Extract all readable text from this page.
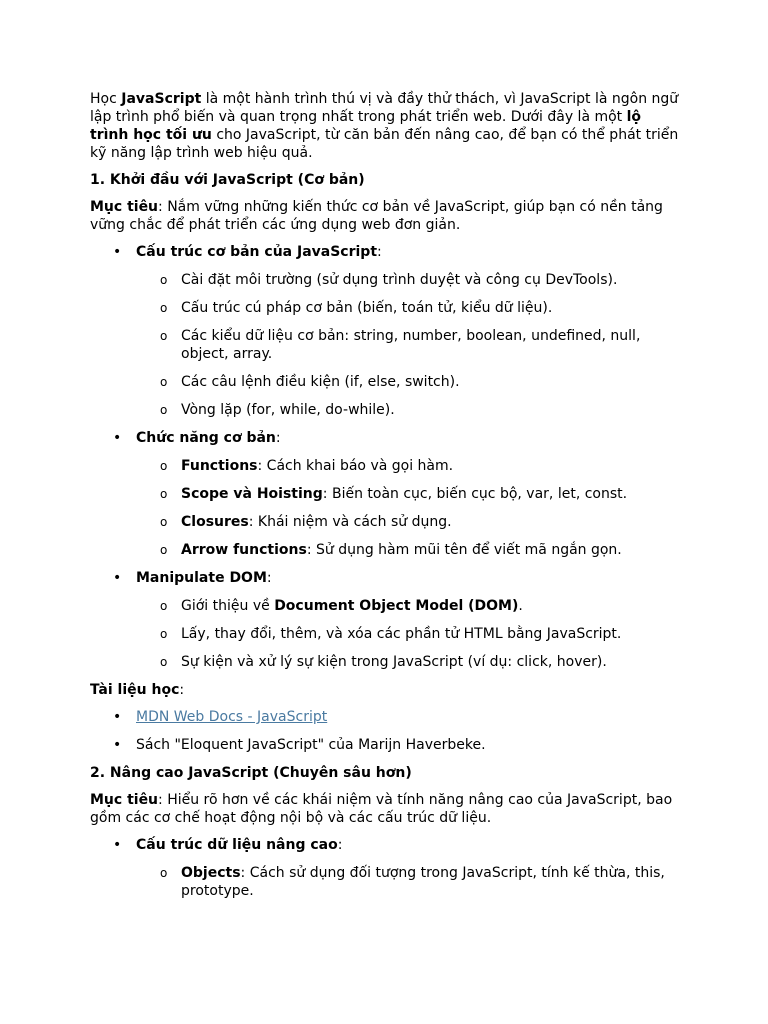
Học JavaScript là một hành trình thú vị và đầy thử thách, vì JavaScript là ngôn ngữ lập trình phổ biến và quan trọng nhất trong phát triển web. Dưới đây là một lộ trình học tối ưu cho JavaScript, từ căn bản đến nâng cao, để bạn có thể phát triển kỹ năng lập trình web hiệu quả.

1. Khởi đầu với JavaScript (Cơ bản)

Mục tiêu: Nắm vững những kiến thức cơ bản về JavaScript, giúp bạn có nền tảng vững chắc để phát triển các ứng dụng web đơn giản.

• Cấu trúc cơ bản của JavaScript:
o Cài đặt môi trường (sử dụng trình duyệt và công cụ DevTools).
o Cấu trúc cú pháp cơ bản (biến, toán tử, kiểu dữ liệu).
o Các kiểu dữ liệu cơ bản: string, number, boolean, undefined, null, object, array.
o Các câu lệnh điều kiện (if, else, switch).
o Vòng lặp (for, while, do-while).
• Chức năng cơ bản:
o Functions: Cách khai báo và gọi hàm.
o Scope và Hoisting: Biến toàn cục, biến cục bộ, var, let, const.
o Closures: Khái niệm và cách sử dụng.
o Arrow functions: Sử dụng hàm mũi tên để viết mã ngắn gọn.
• Manipulate DOM:
o Giới thiệu về Document Object Model (DOM).
o Lấy, thay đổi, thêm, và xóa các phần tử HTML bằng JavaScript.
o Sự kiện và xử lý sự kiện trong JavaScript (ví dụ: click, hover).

Tài liệu học:

• MDN Web Docs - JavaScript
• Sách "Eloquent JavaScript" của Marijn Haverbeke.

2. Nâng cao JavaScript (Chuyên sâu hơn)

Mục tiêu: Hiểu rõ hơn về các khái niệm và tính năng nâng cao của JavaScript, bao gồm các cơ chế hoạt động nội bộ và các cấu trúc dữ liệu.

• Cấu trúc dữ liệu nâng cao:
o Objects: Cách sử dụng đối tượng trong JavaScript, tính kế thừa, this, prototype.
